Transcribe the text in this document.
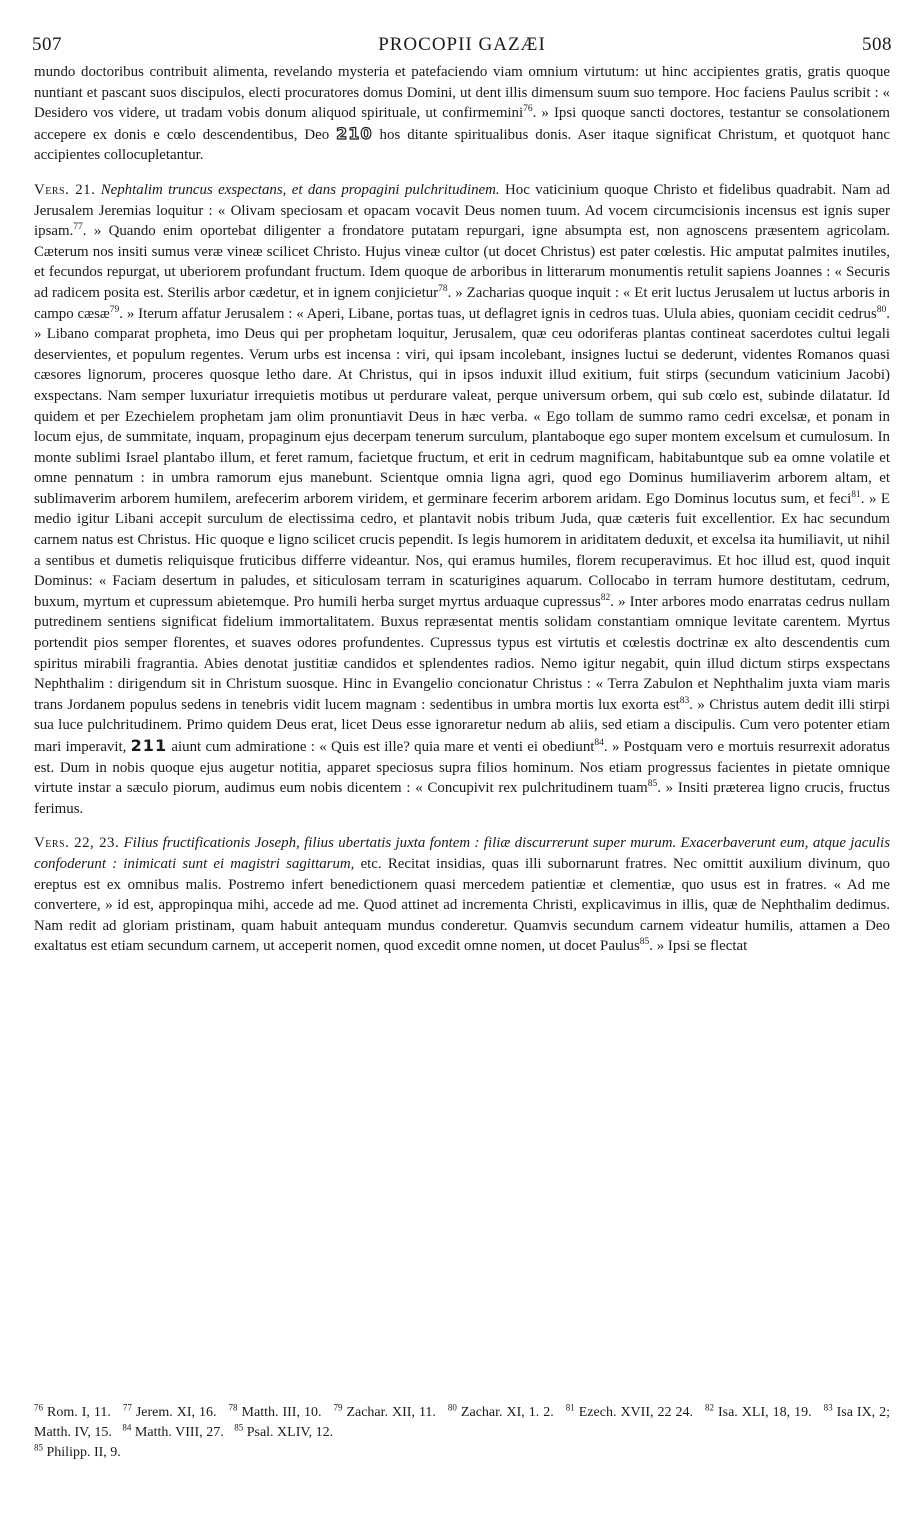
507	PROCOPII GAZÆI	508

mundo doctoribus contribuit alimenta, revelando mysteria et patefaciendo viam omnium virtutum: ut hinc accipientes gratis, gratis quoque nuntiant et pascant suos discipulos, electi procuratores domus Domini, ut dent illis dimensum suum suo tempore. Hoc faciens Paulus scribit : « Desidero vos videre, ut tradam vobis donum aliquod spirituale, ut confirmemini$^{76}$. » Ipsi quoque sancti doctores, testantur se consolationem accepere ex donis e cœlo descendentibus, Deo 210 hos ditante spiritualibus donis. Aser itaque significat Christum, et quotquot hanc accipientes collocupletantur.

Vers. 21. Nephtalim truncus exspectans, et dans propagini pulchritudinem. Hoc vaticinium quoque Christo et fidelibus quadrabit. Nam ad Jerusalem Jeremias loquitur : « Olivam speciosam et opacam vocavit Deus nomen tuum. Ad vocem circumcisionis incensus est ignis super ipsam.$^{77}$. » Quando enim oportebat diligenter a frondatore putatam repurgari, igne absumpta est, non agnoscens præsentem agricolam. Cæterum nos insiti sumus veræ vineæ scilicet Christo. Hujus vineæ cultor (ut docet Christus) est pater cœlestis. Hic amputat palmites inutiles, et fecundos repurgat, ut uberiorem profundant fructum. Idem quoque de arboribus in litterarum monumentis retulit sapiens Joannes : « Securis ad radicem posita est. Sterilis arbor cædetur, et in ignem conjicietur$^{78}$. » Zacharias quoque inquit : « Et erit luctus Jerusalem ut luctus arboris in campo cæsæ$^{79}$. » Iterum affatur Jerusalem : « Aperi, Libane, portas tuas, ut deflagret ignis in cedros tuas. Ulula abies, quoniam cecidit cedrus$^{80}$. » Libano comparat propheta, imo Deus qui per prophetam loquitur, Jerusalem, quæ ceu odoriferas plantas contineat sacerdotes cultui legali deservientes, et populum regentes. Verum urbs est incensa : viri, qui ipsam incolebant, insignes luctui se dederunt, videntes Romanos quasi cæsores lignorum, proceres quosque letho dare. At Christus, qui in ipsos induxit illud exitium, fuit stirps (secundum vaticinium Jacobi) exspectans. Nam semper luxuriatur irrequietis motibus ut perdurare valeat, perque universum orbem, qui sub cœlo est, subinde dilatatur. Id quidem et per Ezechielem prophetam jam olim pronuntiavit Deus in hæc verba. « Ego tollam de summo ramo cedri excelsæ, et ponam in locum ejus, de summitate, inquam, propaginum ejus decerpam tenerum surculum, plantaboque ego super montem excelsum et cumulosum. In monte sublimi Israel plantabo illum, et feret ramum, facietque fructum, et erit in cedrum magnificam, habitabuntque sub ea omne volatile et omne pennatum : in umbra ramorum ejus manebunt. Scientque omnia ligna agri, quod ego Dominus humiliaverim arborem altam, et sublimaverim arborem humilem, arefecerim arborem viridem, et germinare fecerim arborem aridam. Ego Dominus locutus sum, et feci$^{81}$. » E medio igitur Libani accepit surculum de electissima cedro, et plantavit nobis tribum Juda, quæ cæteris fuit excellentior. Ex hac secundum carnem natus est Christus. Hic quoque e ligno scilicet crucis pependit. Is legis humorem in ariditatem deduxit, et excelsa ita humiliavit, ut nihil a sentibus et dumetis reliquisque fruticibus differre videantur. Nos, qui eramus humiles, florem recuperavimus. Et hoc illud est, quod inquit Dominus: « Faciam desertum in paludes, et siticulosam terram in scaturigines aquarum. Collocabo in terram humore destitutam, cedrum, buxum, myrtum et cupressum abietemque. Pro humili herba surget myrtus arduaque cupressus$^{82}$. » Inter arbores modo enarratas cedrus nullam putredinem sentiens significat fidelium immortalitatem. Buxus repræsentat mentis solidam constantiam omnique levitate carentem. Myrtus portendit pios semper florentes, et suaves odores profundentes. Cupressus typus est virtutis et cœlestis doctrinæ ex alto descendentis cum spiritus mirabili fragrantia. Abies denotat justitiæ candidos et splendentes radios. Nemo igitur negabit, quin illud dictum stirps exspectans Nephthalim : dirigendum sit in Christum suosque. Hinc in Evangelio concionatur Christus : « Terra Zabulon et Nephthalim juxta viam maris trans Jordanem populus sedens in tenebris vidit lucem magnam : sedentibus in umbra mortis lux exorta est$^{83}$. » Christus autem dedit illi stirpi sua luce pulchritudinem. Primo quidem Deus erat, licet Deus esse ignoraretur nedum ab aliis, sed etiam a discipulis. Cum vero potenter etiam mari imperavit, 211 aiunt cum admiratione : « Quis est ille? quia mare et venti ei obediunt$^{84}$. » Postquam vero e mortuis resurrexit adoratus est. Dum in nobis quoque ejus augetur notitia, apparet speciosus supra filios hominum. Nos etiam progressus facientes in pietate omnique virtute instar a sæculo piorum, audimus eum nobis dicentem : « Concupivit rex pulchritudinem tuam$^{85}$. » Insiti præterea ligno crucis, fructus ferimus.

Vers. 22, 23. Filius fructificationis Joseph, filius ubertatis juxta fontem : filiæ discurrerunt super murum. Exacerbaverunt eum, atque jaculis confoderunt : inimicati sunt ei magistri sagittarum, etc. Recitat insidias, quas illi subornarunt fratres. Nec omittit auxilium divinum, quo ereptus est ex omnibus malis. Postremo infert benedictionem quasi mercedem patientiæ et clementiæ, quo usus est in fratres. « Ad me convertere, » id est, appropinqua mihi, accede ad me. Quod attinet ad incrementa Christi, explicavimus in illis, quæ de Nephthalim dedimus. Nam redit ad gloriam pristinam, quam habuit antequam mundus conderetur. Quamvis secundum carnem videatur humilis, attamen a Deo exaltatus est etiam secundum carnem, ut acceperit nomen, quod excedit omne nomen, ut docet Paulus$^{85}$. » Ipsi se flectat

$^{76}$ Rom. I, 11. $^{77}$ Jerem. XI, 16. $^{78}$ Matth. III, 10. $^{79}$ Zachar. XII, 11. $^{80}$ Zachar. XI, 1. 2. $^{81}$ Ezech. XVII, 22 24. $^{82}$ Isa. XLI, 18, 19. $^{83}$ Isa IX, 2; Matth. IV, 15. $^{84}$ Matth. VIII, 27. $^{85}$ Psal. XLIV, 12.
$^{85}$ Philipp. II, 9.
